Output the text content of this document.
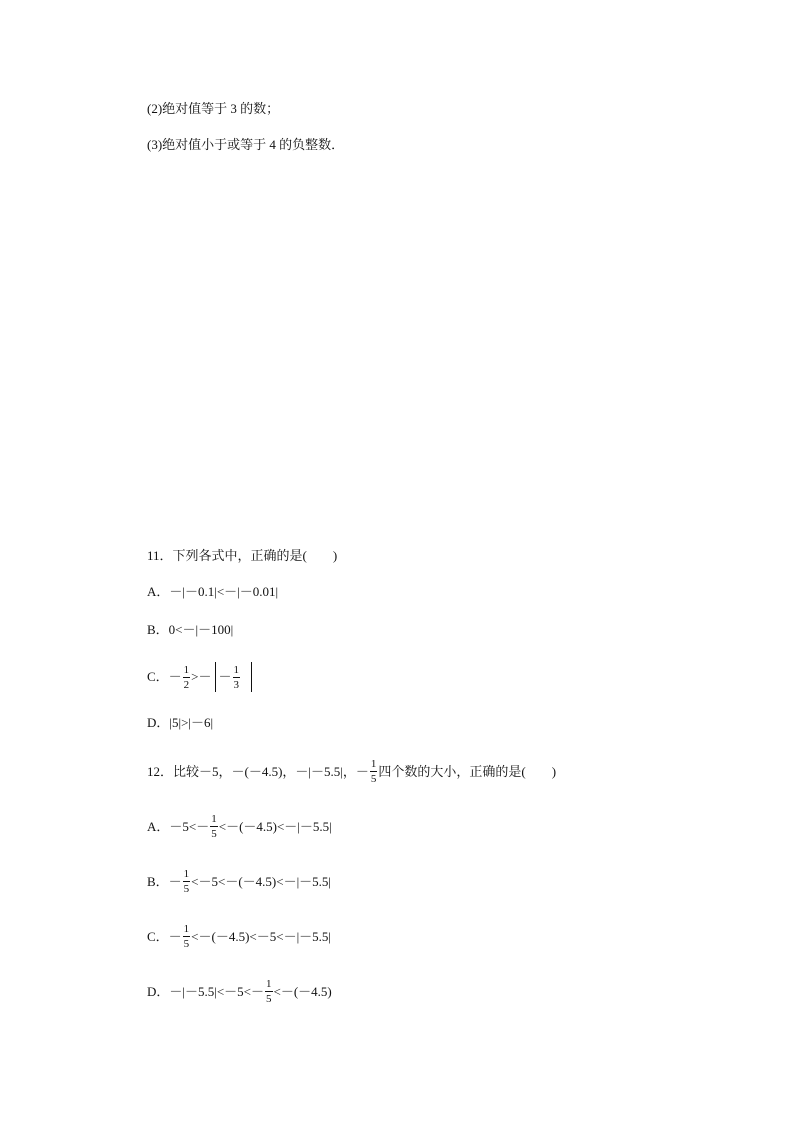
(2)绝对值等于 3 的数；
(3)绝对值小于或等于 4 的负整数．
11．下列各式中，正确的是(　　)
A．－|－0.1|<－|－0.01|
B．0<－|－100|
C．－ $\frac{1}{2}$ >－ － $\frac{1}{3}$
D．|5|>|－6|
12．比较－5，－(－4.5)，－|－5.5|，－ $\frac{1}{5}$ 四个数的大小，正确的是(　　)
A．$-5<- \frac{1}{5} <-(-4.5)<-|-5.5|$
B．－ $\frac{1}{5} <-5<-(-4.5)<-|-5.5|$
C．－ $\frac{1}{5} <-(-4.5)<-5<-|-5.5|$
D．$-|-5.5|<-5<- \frac{1}{5} <-(-4.5)$
